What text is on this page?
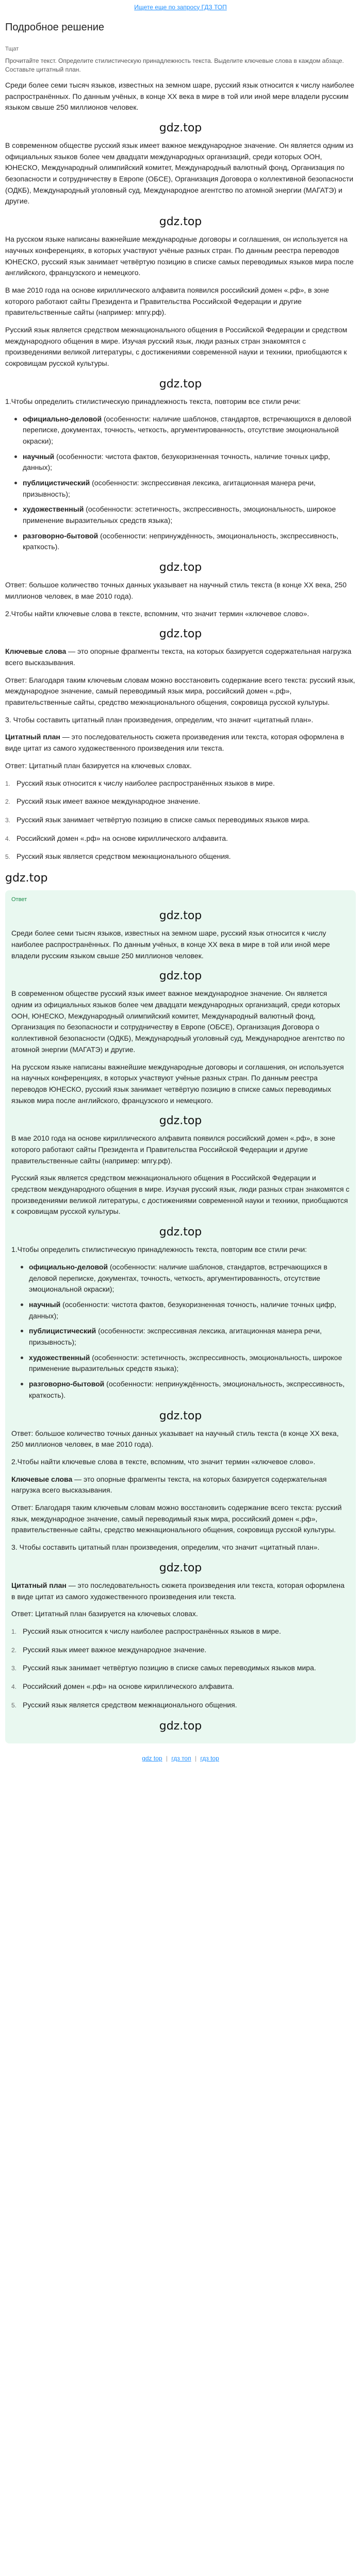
Ищете еще по запросу ГДЗ ТОП
Подробное решение
Тщат
Прочитайте текст. Определите стилистическую принадлежность текста. Выделите ключевые слова в каждом абзаце. Составьте цитатный план.

Среди более семи тысяч языков, известных на земном шаре, русский язык относится к числу наиболее распространённых. По данным учёных, в конце XX века в мире в той или иной мере владели русским языком свыше 250 миллионов человек.

gdz.top

В современном обществе русский язык имеет важное международное значение. Он является одним из официальных языков более чем двадцати международных организаций, среди которых ООН, ЮНЕСКО, Международный олимпийский комитет, Международный валютный фонд, Организация по безопасности и сотрудничеству в Европе (ОБСЕ), Организация Договора о коллективной безопасности (ОДКБ), Международный уголовный суд, Международное агентство по атомной энергии (МАГАТЭ) и другие.

gdz.top

На русском языке написаны важнейшие международные договоры и соглашения, он используется на научных конференциях, в которых участвуют учёные разных стран. По данным реестра переводов ЮНЕСКО, русский язык занимает четвёртую позицию в списке самых переводимых языков мира после английского, французского и немецкого.

В мае 2010 года на основе кириллического алфавита появился российский домен «.рф», в зоне которого работают сайты Президента и Правительства Российской Федерации и другие правительственные сайты (например: мпгу.рф).

Русский язык является средством межнационального общения в Российской Федерации и средством международного общения в мире. Изучая русский язык, люди разных стран знакомятся с произведениями великой литературы, с достижениями современной науки и техники, приобщаются к сокровищам русской культуры.

gdz.top

1.Чтобы определить стилистическую принадлежность текста, повторим все стили речи:

официально-деловой (особенности: наличие шаблонов, стандартов, встречающихся в деловой переписке, документах, точность, четкость, аргументированность, отсутствие эмоциональной окраски);
научный (особенности: чистота фактов, безукоризненная точность, наличие точных цифр, данных);
публицистический (особенности: экспрессивная лексика, агитационная манера речи, призывность);
художественный (особенности: эстетичность, экспрессивность, эмоциональность, широкое применение выразительных средств языка);
разговорно-бытовой (особенности: непринуждённость, эмоциональность, экспрессивность, краткость).
gdz.top

Ответ: большое количество точных данных указывает на научный стиль текста (в конце XX века, 250 миллионов человек, в мае 2010 года).

2.Чтобы найти ключевые слова в тексте, вспомним, что значит термин «ключевое слово».

gdz.top

Ключевые слова — это опорные фрагменты текста, на которых базируется содержательная нагрузка всего высказывания.

Ответ: Благодаря таким ключевым словам можно восстановить содержание всего текста: русский язык, международное значение, самый переводимый язык мира, российский домен «.рф», правительственные сайты, средство межнационального общения, сокровища русской культуры.

3. Чтобы составить цитатный план произведения, определим, что значит «цитатный план».

Цитатный план — это последовательность сюжета произведения или текста, которая оформлена в виде цитат из самого художественного произведения или текста.

Ответ: Цитатный план базируется на ключевых словах.

1. Русский язык относится к числу наиболее распространённых языков в мире.
2. Русский язык имеет важное международное значение.
3. Русский язык занимает четвёртую позицию в списке самых переводимых языков мира.
4. Российский домен «.рф» на основе кириллического алфавита.
5. Русский язык является средством межнационального общения.
gdz.top
Ответ
gdz.top

Среди более семи тысяч языков, известных на земном шаре, русский язык относится к числу наиболее распространённых. По данным учёных, в конце XX века в мире в той или иной мере владели русским языком свыше 250 миллионов человек.

gdz.top

В современном обществе русский язык имеет важное международное значение. Он является одним из официальных языков более чем двадцати международных организаций, среди которых ООН, ЮНЕСКО, Международный олимпийский комитет, Международный валютный фонд, Организация по безопасности и сотрудничеству в Европе (ОБСЕ), Организация Договора о коллективной безопасности (ОДКБ), Международный уголовный суд, Международное агентство по атомной энергии (МАГАТЭ) и другие.

На русском языке написаны важнейшие международные договоры и соглашения, он используется на научных конференциях, в которых участвуют учёные разных стран. По данным реестра переводов ЮНЕСКО, русский язык занимает четвёртую позицию в списке самых переводимых языков мира после английского, французского и немецкого.

gdz.top

В мае 2010 года на основе кириллического алфавита появился российский домен «.рф», в зоне которого работают сайты Президента и Правительства Российской Федерации и другие правительственные сайты (например: мпгу.рф).

Русский язык является средством межнационального общения в Российской Федерации и средством международного общения в мире. Изучая русский язык, люди разных стран знакомятся с произведениями великой литературы, с достижениями современной науки и техники, приобщаются к сокровищам русской культуры.

gdz.top

1.Чтобы определить стилистическую принадлежность текста, повторим все стили речи:

официально-деловой (особенности: наличие шаблонов, стандартов, встречающихся в деловой переписке, документах, точность, четкость, аргументированность, отсутствие эмоциональной окраски);
научный (особенности: чистота фактов, безукоризненная точность, наличие точных цифр, данных);
публицистический (особенности: экспрессивная лексика, агитационная манера речи, призывность);
художественный (особенности: эстетичность, экспрессивность, эмоциональность, широкое применение выразительных средств языка);
разговорно-бытовой (особенности: непринуждённость, эмоциональность, экспрессивность, краткость).
gdz.top

Ответ: большое количество точных данных указывает на научный стиль текста (в конце XX века, 250 миллионов человек, в мае 2010 года).

2.Чтобы найти ключевые слова в тексте, вспомним, что значит термин «ключевое слово».

Ключевые слова — это опорные фрагменты текста, на которых базируется содержательная нагрузка всего высказывания.

Ответ: Благодаря таким ключевым словам можно восстановить содержание всего текста: русский язык, международное значение, самый переводимый язык мира, российский домен «.рф», правительственные сайты, средство межнационального общения, сокровища русской культуры.

3. Чтобы составить цитатный план произведения, определим, что значит «цитатный план».

gdz.top

Цитатный план — это последовательность сюжета произведения или текста, которая оформлена в виде цитат из самого художественного произведения или текста.

Ответ: Цитатный план базируется на ключевых словах.

1. Русский язык относится к числу наиболее распространённых языков в мире.
2. Русский язык имеет важное международное значение.
3. Русский язык занимает четвёртую позицию в списке самых переводимых языков мира.
4. Российский домен «.рф» на основе кириллического алфавита.
5. Русский язык является средством межнационального общения.
gdz.top
gdz top | гдз топ | гдз top
